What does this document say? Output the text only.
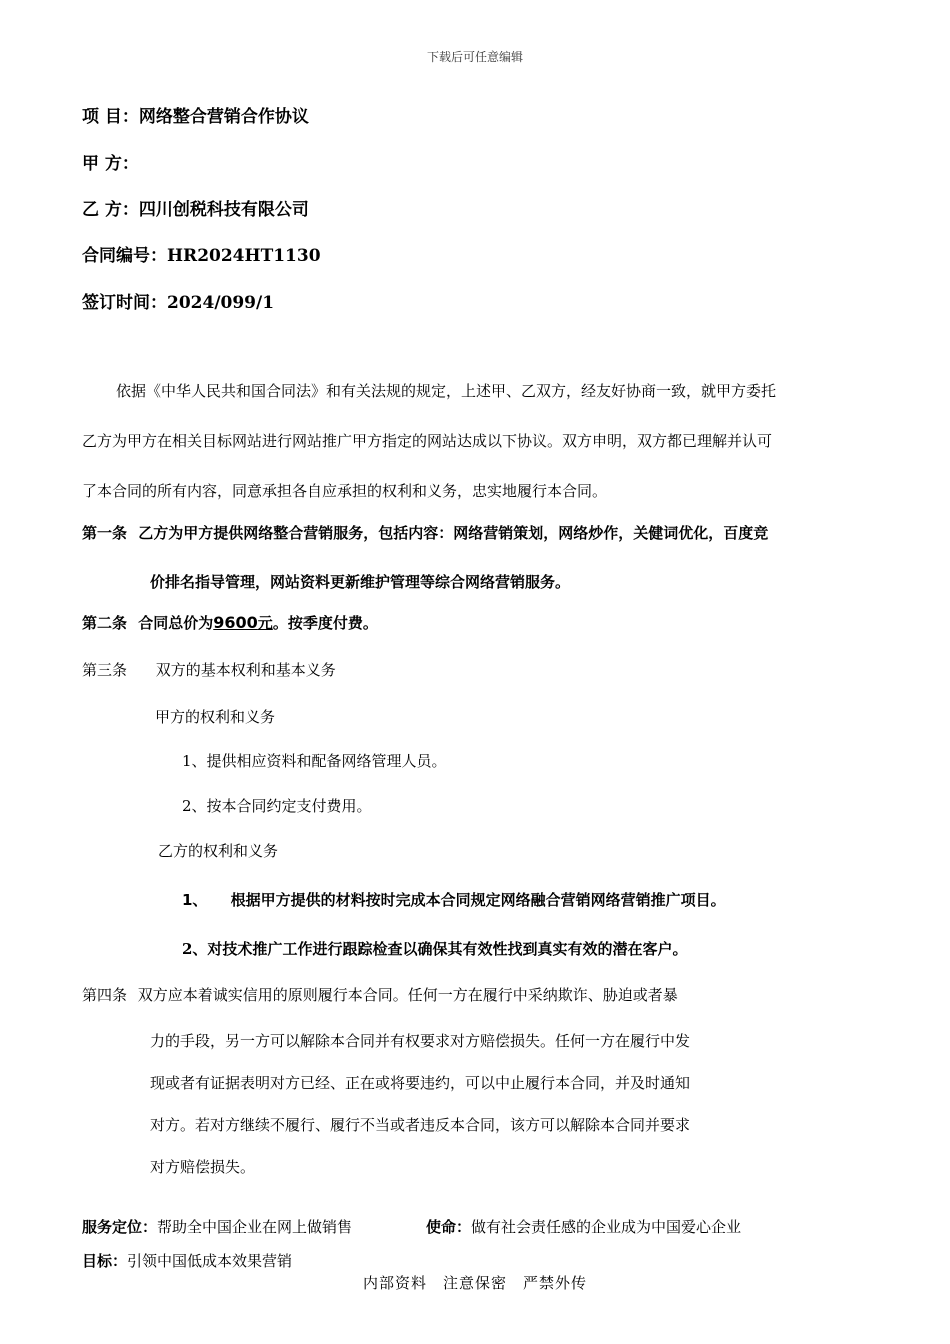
下载后可任意编辑
项 目：网络整合营销合作协议
甲 方：
乙 方：四川创税科技有限公司
合同编号：HR2024HT1130
签订时间：2024/099/1
依据《中华人民共和国合同法》和有关法规的规定，上述甲、乙双方，经友好协商一致，就甲方委托
乙方为甲方在相关目标网站进行网站推广甲方指定的网站达成以下协议。双方申明，双方都已理解并认可
了本合同的所有内容，同意承担各自应承担的权利和义务，忠实地履行本合同。
第一条 乙方为甲方提供网络整合营销服务，包括内容：网络营销策划，网络炒作，关健词优化，百度竞
价排名指导管理，网站资料更新维护管理等综合网络营销服务。
第二条 合同总价为9600元。按季度付费。
第三条 双方的基本权利和基本义务
甲方的权利和义务
1、提供相应资料和配备网络管理人员。
2、按本合同约定支付费用。
乙方的权利和义务
1、 根据甲方提供的材料按时完成本合同规定网络融合营销网络营销推广项目。
2、对技术推广工作进行跟踪检查以确保其有效性找到真实有效的潜在客户。
第四条 双方应本着诚实信用的原则履行本合同。任何一方在履行中采纳欺诈、胁迫或者暴
力的手段，另一方可以解除本合同并有权要求对方赔偿损失。任何一方在履行中发
现或者有证据表明对方已经、正在或将要违约，可以中止履行本合同，并及时通知
对方。若对方继续不履行、履行不当或者违反本合同，该方可以解除本合同并要求
对方赔偿损失。
服务定位：帮助全中国企业在网上做销售	使命：做有社会责任感的企业成为中国爱心企业
目标：引领中国低成本效果营销
内部资料　注意保密　严禁外传
